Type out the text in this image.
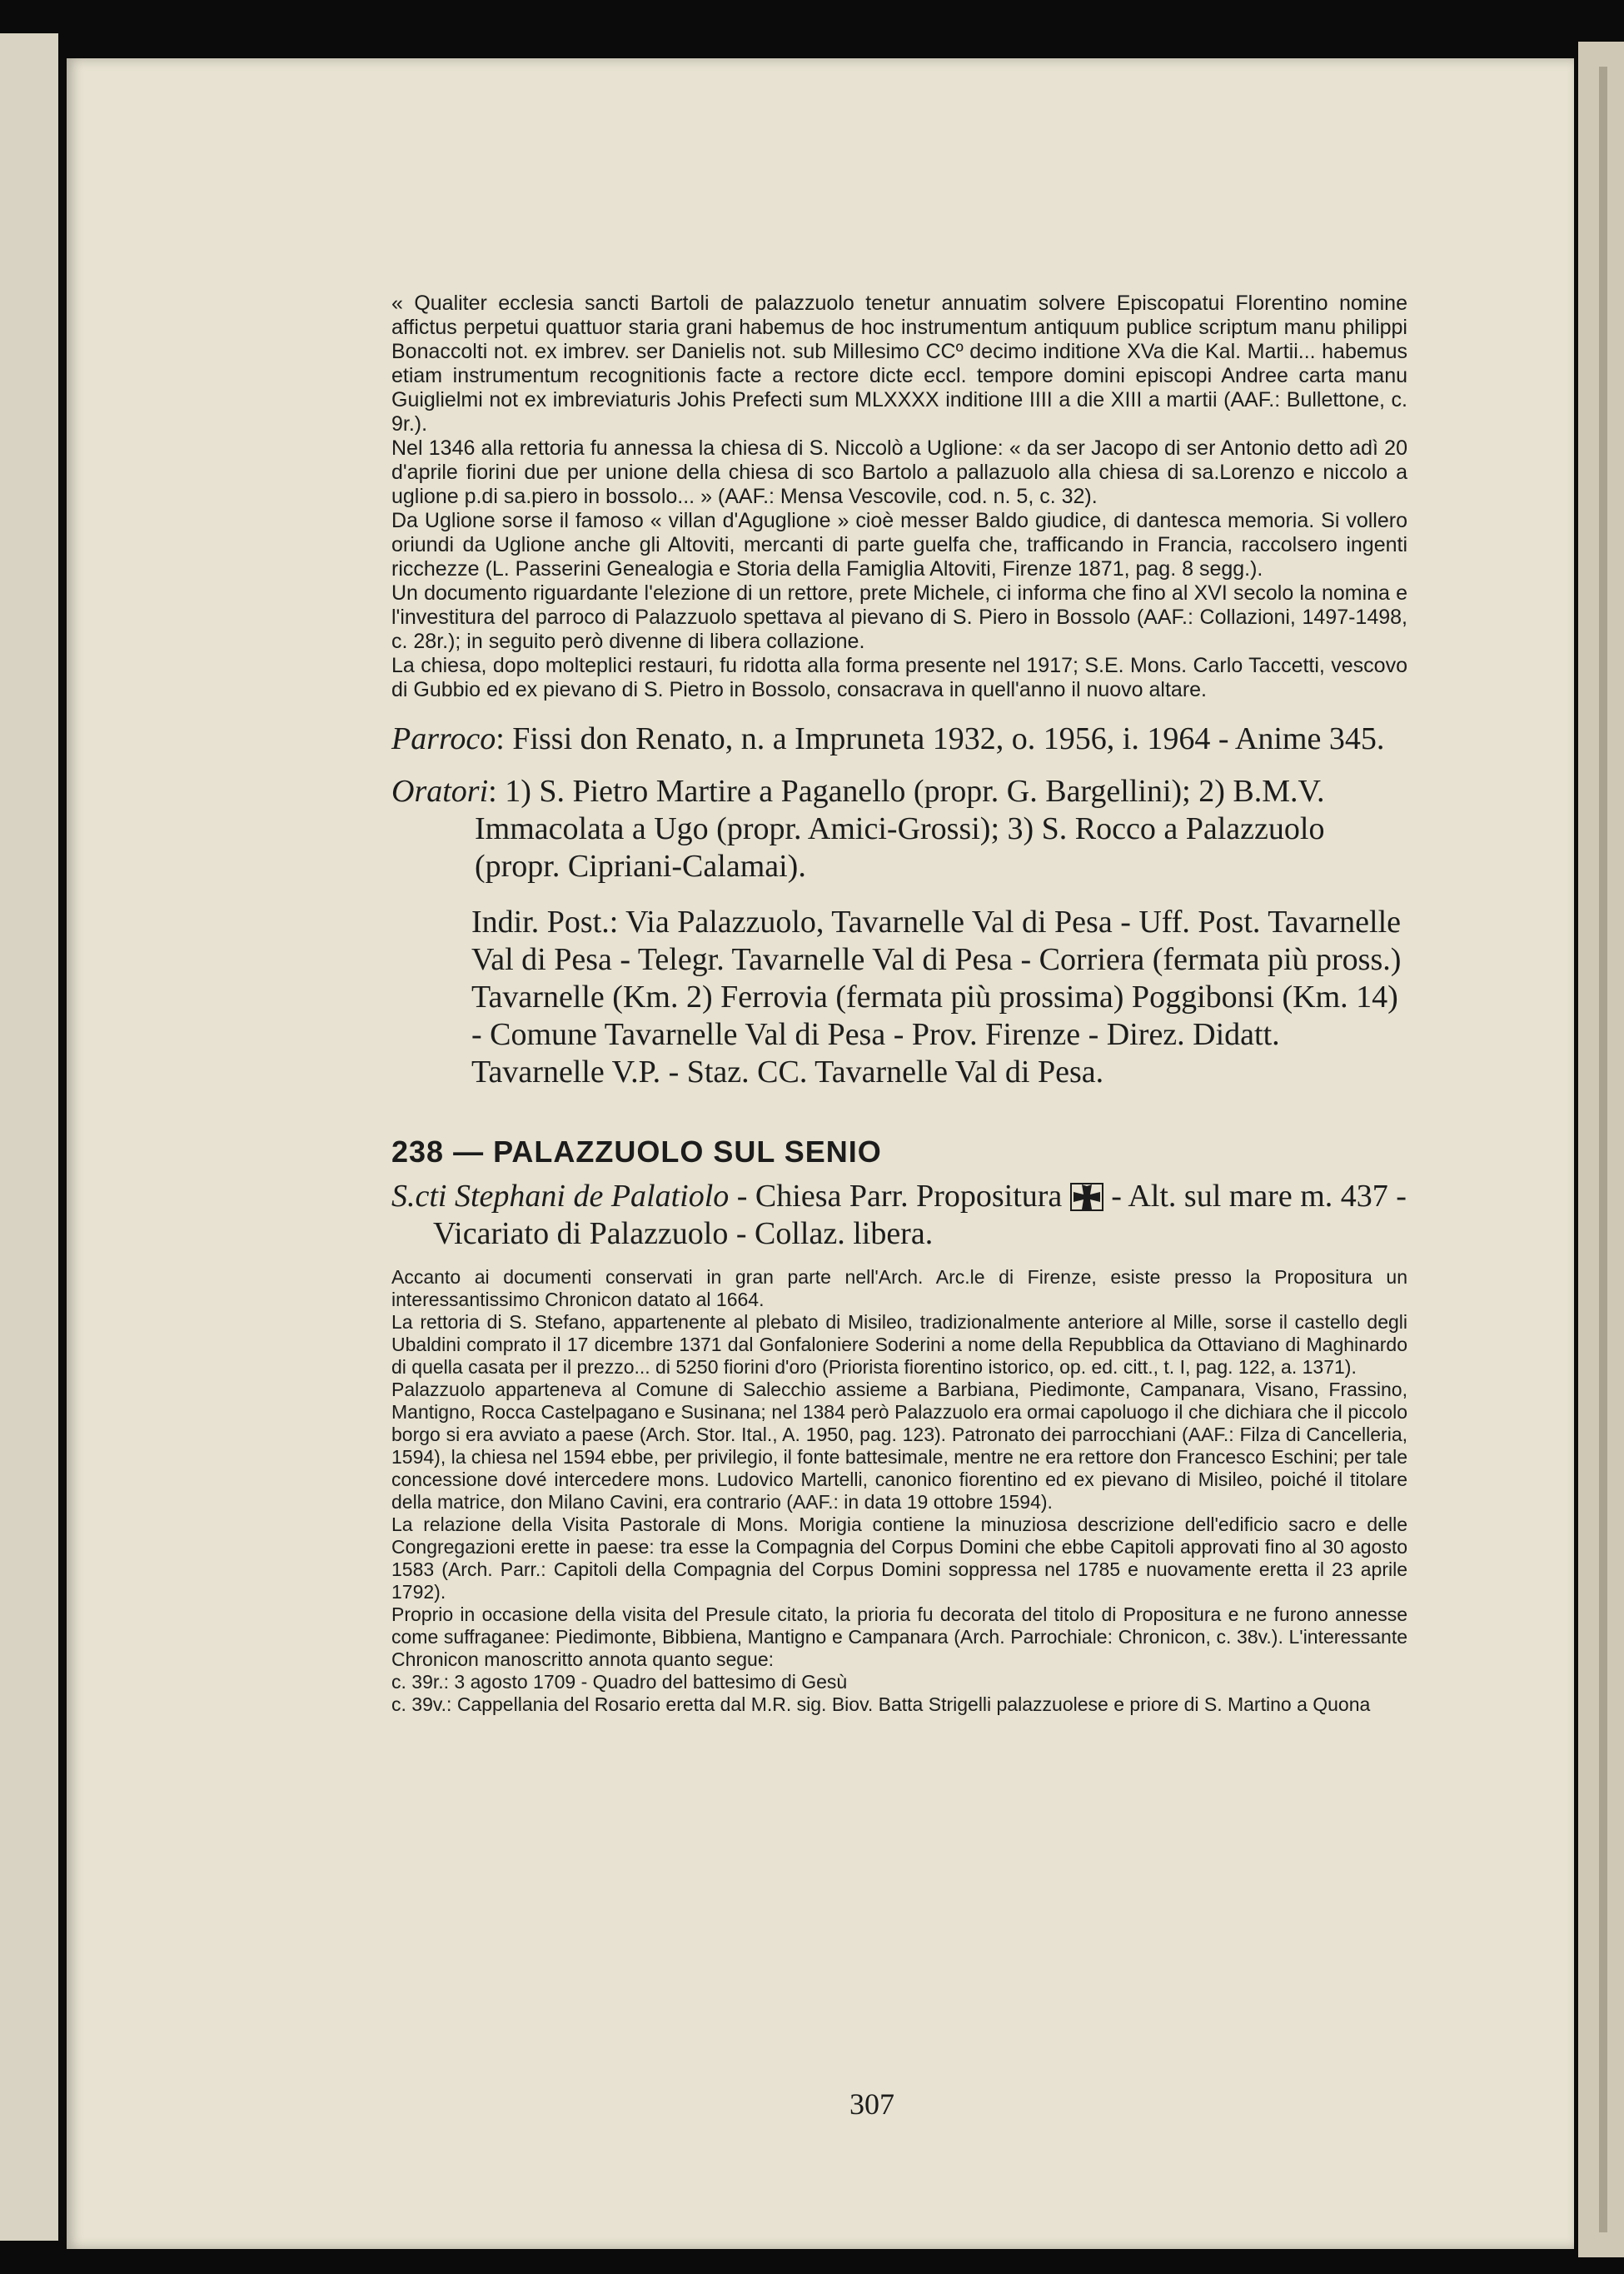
« Qualiter ecclesia sancti Bartoli de palazzuolo tenetur annuatim solvere Episcopatui Florentino nomine affictus perpetui quattuor staria grani habemus de hoc instrumentum antiquum publice scriptum manu philippi Bonaccolti not. ex imbrev. ser Danielis not. sub Millesimo CCº decimo inditione XVa die Kal. Martii... habemus etiam instrumentum recognitionis facte a rectore dicte eccl. tempore domini episcopi Andree carta manu Guiglielmi not ex imbreviaturis Johis Prefecti sum MLXXXX inditione IIII a die XIII a martii (AAF.: Bullettone, c. 9r.).

Nel 1346 alla rettoria fu annessa la chiesa di S. Niccolò a Uglione: « da ser Jacopo di ser Antonio detto adì 20 d'aprile fiorini due per unione della chiesa di sco Bartolo a pallazuolo alla chiesa di sa.Lorenzo e niccolo a uglione p.di sa.piero in bossolo... » (AAF.: Mensa Vescovile, cod. n. 5, c. 32).

Da Uglione sorse il famoso « villan d'Aguglione » cioè messer Baldo giudice, di dantesca memoria. Si vollero oriundi da Uglione anche gli Altoviti, mercanti di parte guelfa che, trafficando in Francia, raccolsero ingenti ricchezze (L. Passerini Genealogia e Storia della Famiglia Altoviti, Firenze 1871, pag. 8 segg.).

Un documento riguardante l'elezione di un rettore, prete Michele, ci informa che fino al XVI secolo la nomina e l'investitura del parroco di Palazzuolo spettava al pievano di S. Piero in Bossolo (AAF.: Collazioni, 1497-1498, c. 28r.); in seguito però divenne di libera collazione.

La chiesa, dopo molteplici restauri, fu ridotta alla forma presente nel 1917; S.E. Mons. Carlo Taccetti, vescovo di Gubbio ed ex pievano di S. Pietro in Bossolo, consacrava in quell'anno il nuovo altare.

Parroco: Fissi don Renato, n. a Impruneta 1932, o. 1956, i. 1964 - Anime 345.

Oratori: 1) S. Pietro Martire a Paganello (propr. G. Bargellini); 2) B.M.V. Immacolata a Ugo (propr. Amici-Grossi); 3) S. Rocco a Palazzuolo (propr. Cipriani-Calamai).

Indir. Post.: Via Palazzuolo, Tavarnelle Val di Pesa - Uff. Post. Tavarnelle Val di Pesa - Telegr. Tavarnelle Val di Pesa - Corriera (fermata più pross.) Tavarnelle (Km. 2) Ferrovia (fermata più prossima) Poggibonsi (Km. 14) - Comune Tavarnelle Val di Pesa - Prov. Firenze - Direz. Didatt. Tavarnelle V.P. - Staz. CC. Tavarnelle Val di Pesa.

238 — PALAZZUOLO SUL SENIO

S.cti Stephani de Palatiolo - Chiesa Parr. Propositura  - Alt. sul mare m. 437 - Vicariato di Palazzuolo - Collaz. libera.

Accanto ai documenti conservati in gran parte nell'Arch. Arc.le di Firenze, esiste presso la Propositura un interessantissimo Chronicon datato al 1664.

La rettoria di S. Stefano, appartenente al plebato di Misileo, tradizionalmente anteriore al Mille, sorse il castello degli Ubaldini comprato il 17 dicembre 1371 dal Gonfaloniere Soderini a nome della Repubblica da Ottaviano di Maghinardo di quella casata per il prezzo... di 5250 fiorini d'oro (Priorista fiorentino istorico, op. ed. citt., t. I, pag. 122, a. 1371).

Palazzuolo apparteneva al Comune di Salecchio assieme a Barbiana, Piedimonte, Campanara, Visano, Frassino, Mantigno, Rocca Castelpagano e Susinana; nel 1384 però Palazzuolo era ormai capoluogo il che dichiara che il piccolo borgo si era avviato a paese (Arch. Stor. Ital., A. 1950, pag. 123). Patronato dei parrocchiani (AAF.: Filza di Cancelleria, 1594), la chiesa nel 1594 ebbe, per privilegio, il fonte battesimale, mentre ne era rettore don Francesco Eschini; per tale concessione dové intercedere mons. Ludovico Martelli, canonico fiorentino ed ex pievano di Misileo, poiché il titolare della matrice, don Milano Cavini, era contrario (AAF.: in data 19 ottobre 1594).

La relazione della Visita Pastorale di Mons. Morigia contiene la minuziosa descrizione dell'edificio sacro e delle Congregazioni erette in paese: tra esse la Compagnia del Corpus Domini che ebbe Capitoli approvati fino al 30 agosto 1583 (Arch. Parr.: Capitoli della Compagnia del Corpus Domini soppressa nel 1785 e nuovamente eretta il 23 aprile 1792).

Proprio in occasione della visita del Presule citato, la prioria fu decorata del titolo di Propositura e ne furono annesse come suffraganee: Piedimonte, Bibbiena, Mantigno e Campanara (Arch. Parrochiale: Chronicon, c. 38v.). L'interessante Chronicon manoscritto annota quanto segue:

c. 39r.: 3 agosto 1709 - Quadro del battesimo di Gesù

c. 39v.: Cappellania del Rosario eretta dal M.R. sig. Biov. Batta Strigelli palazzuolese e priore di S. Martino a Quona

307
